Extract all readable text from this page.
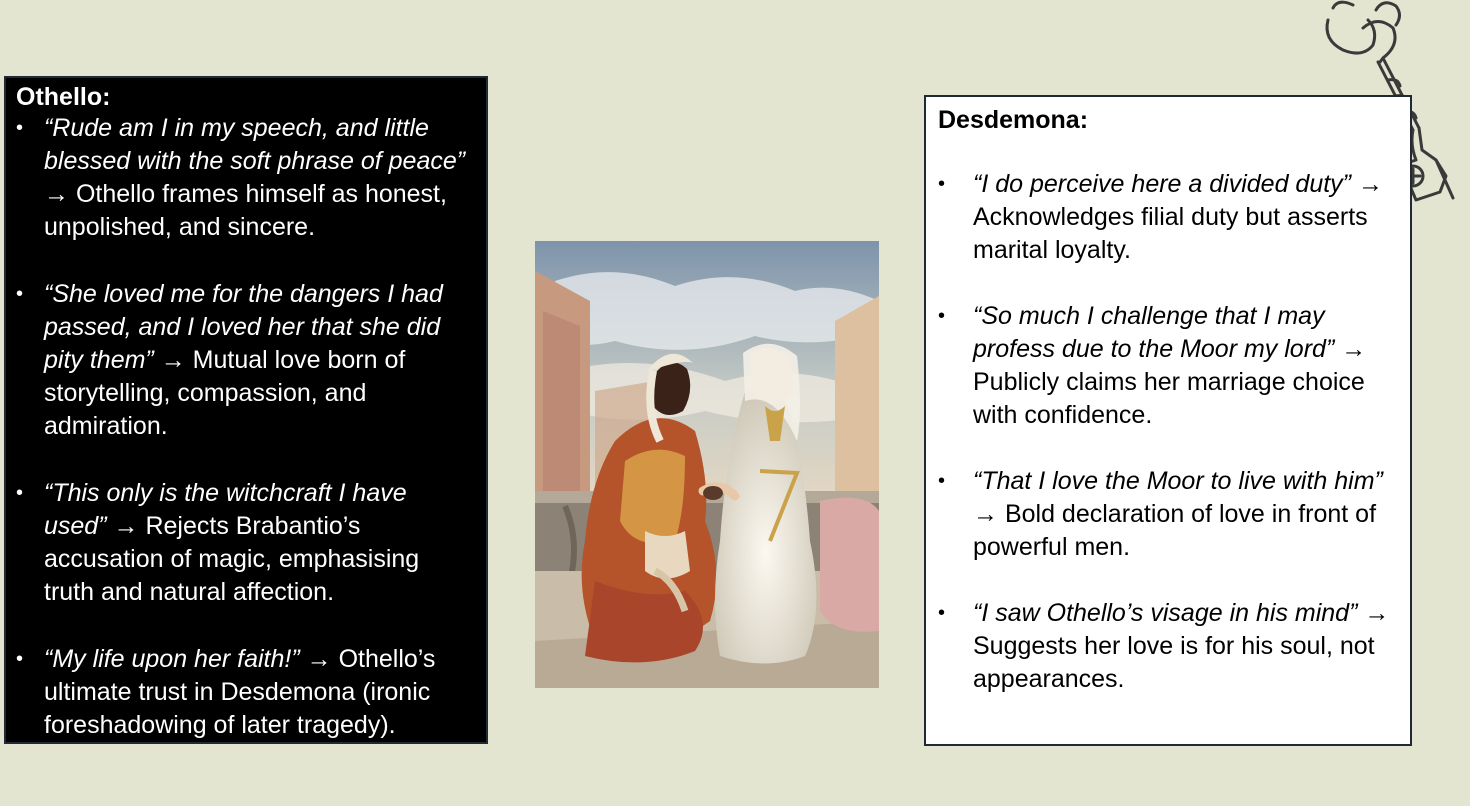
Othello:

• “Rude am I in my speech, and little blessed with the soft phrase of peace” → Othello frames himself as honest, unpolished, and sincere.
• “She loved me for the dangers I had passed, and I loved her that she did pity them” → Mutual love born of storytelling, compassion, and admiration.
• “This only is the witchcraft I have used” → Rejects Brabantio’s accusation of magic, emphasising truth and natural affection.
• “My life upon her faith!” → Othello’s ultimate trust in Desdemona (ironic foreshadowing of later tragedy).

Desdemona:

•	“I do perceive here a divided duty” → Acknowledges filial duty but asserts marital loyalty.
•	“So much I challenge that I may profess due to the Moor my lord” → Publicly claims her marriage choice with confidence.
•	“That I love the Moor to live with him” → Bold declaration of love in front of powerful men.
•	“I saw Othello’s visage in his mind” → Suggests her love is for his soul, not appearances.
